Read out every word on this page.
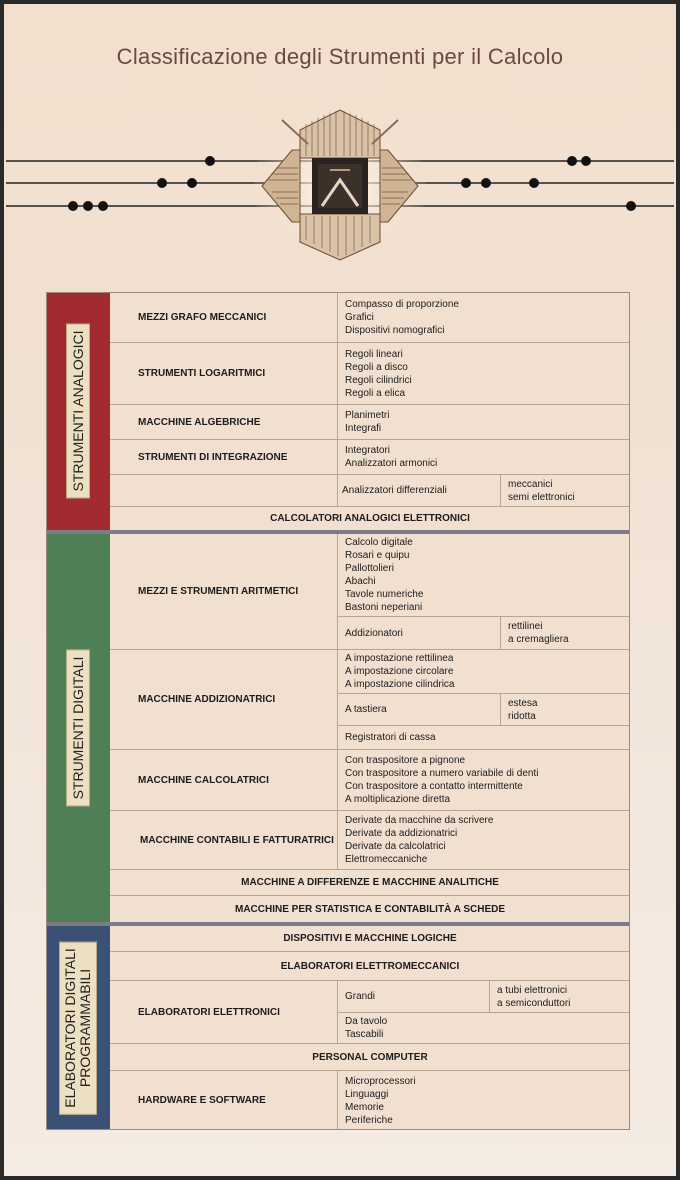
Classificazione degli Strumenti per il Calcolo
STRUMENTI ANALOGICI
MEZZI GRAFO MECCANICI
Compasso di proporzione
Grafici
Dispositivi nomografici
STRUMENTI LOGARITMICI
Regoli lineari
Regoli a disco
Regoli cilindrici
Regoli a elica
MACCHINE ALGEBRICHE
Planimetri
Integrafi
STRUMENTI DI INTEGRAZIONE
Integratori
Analizzatori armonici
Analizzatori differenziali
meccanici
semi elettronici
CALCOLATORI ANALOGICI ELETTRONICI
STRUMENTI DIGITALI
MEZZI E STRUMENTI ARITMETICI
Calcolo digitale
Rosari e quipu
Pallottolieri
Abachi
Tavole numeriche
Bastoni neperiani
Addizionatori
rettilinei
a cremagliera
MACCHINE ADDIZIONATRICI
A impostazione rettilinea
A impostazione circolare
A impostazione cilindrica
A tastiera
estesa
ridotta
Registratori di cassa
MACCHINE CALCOLATRICI
Con traspositore a pignone
Con traspositore a numero variabile di denti
Con traspositore a contatto intermittente
A moltiplicazione diretta
MACCHINE CONTABILI E FATTURATRICI
Derivate da macchine da scrivere
Derivate da addizionatrici
Derivate da calcolatrici
Elettromeccaniche
MACCHINE A DIFFERENZE E MACCHINE ANALITICHE
MACCHINE PER STATISTICA E CONTABILITÀ A SCHEDE
ELABORATORI DIGITALI PROGRAMMABILI
DISPOSITIVI E MACCHINE LOGICHE
ELABORATORI ELETTROMECCANICI
ELABORATORI ELETTRONICI
Grandi
a tubi elettronici
a semiconduttori
Da tavolo
Tascabili
PERSONAL COMPUTER
HARDWARE E SOFTWARE
Microprocessori
Linguaggi
Memorie
Periferiche
